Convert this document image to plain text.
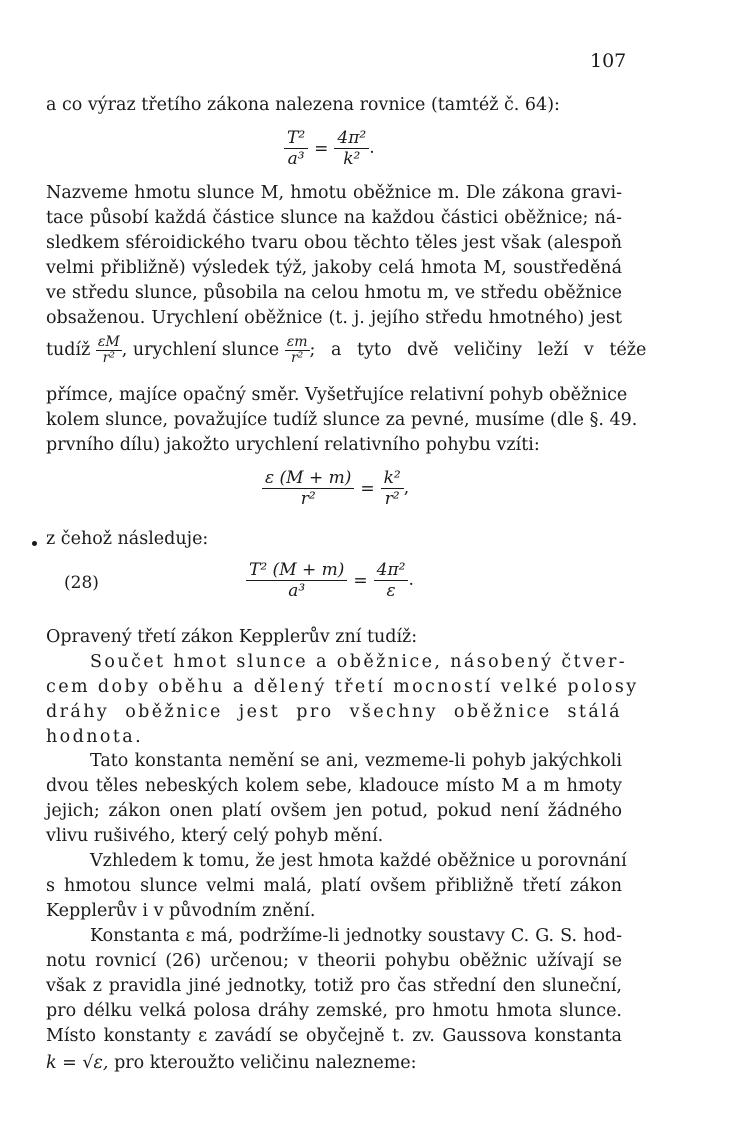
107
a co výraz třetího zákona nalezena rovnice (tamtéž č. 64):
$\frac{\text{T²}}{\text{a³}} = \frac{\text{4π²}}{\text{k²}}$ .
Nazveme hmotu slunce M, hmotu oběžnice m. Dle zákona gravi-
tace působí každá částice slunce na každou částici oběžnice; ná-
sledkem sféroidického tvaru obou těchto těles jest však (alespoň
velmi přibližně) výsledek týž, jakoby celá hmota M, soustředěná
ve středu slunce, působila na celou hmotu m, ve středu oběžnice
obsaženou. Urychlení oběžnice (t. j. jejího středu hmotného) jest
tudíž $\frac{\varepsilon M}{\text{r²}}$ , urychlení slunce $\frac{\varepsilon m}{\text{r²}}$ ; a tyto dvě veličiny leží v téže
přímce, majíce opačný směr. Vyšetřujíce relativní pohyb oběžnice
kolem slunce, považujíce tudíž slunce za pevné, musíme (dle §. 49.
prvního dílu) jakožto urychlení relativního pohybu vzíti:
$\frac{\varepsilon (M + m)}{\text{r²}} = \frac{\text{k²}}{\text{r²}}$ ,
z čehož následuje:
(28)	$\frac{\text{T² (M + m)}}{\text{a³}} = \frac{\text{4π²}}{\varepsilon}$ .
Opravený třetí zákon Kepplerův zní tudíž:
Součet hmot slunce a oběžnice, násobený čtver-
cem doby oběhu a dělený třetí mocností velké polosy
dráhy oběžnice jest pro všechny oběžnice stálá
hodnota.
Tato konstanta nemění se ani, vezmeme-li pohyb jakýchkoli
dvou těles nebeských kolem sebe, kladouce místo M a m hmoty
jejich; zákon onen platí ovšem jen potud, pokud není žádného
vlivu rušivého, který celý pohyb mění.
Vzhledem k tomu, že jest hmota každé oběžnice u porovnání
s hmotou slunce velmi malá, platí ovšem přibližně třetí zákon
Kepplerův i v původním znění.
Konstanta ε má, podržíme-li jednotky soustavy C. G. S. hod-
notu rovnicí (26) určenou; v theorii pohybu oběžnic užívají se
však z pravidla jiné jednotky, totiž pro čas střední den sluneční,
pro délku velká polosa dráhy zemské, pro hmotu hmota slunce.
Místo konstanty ε zavádí se obyčejně t. zv. Gaussova konstanta
k = √ε, pro kteroužto veličinu nalezneme:
